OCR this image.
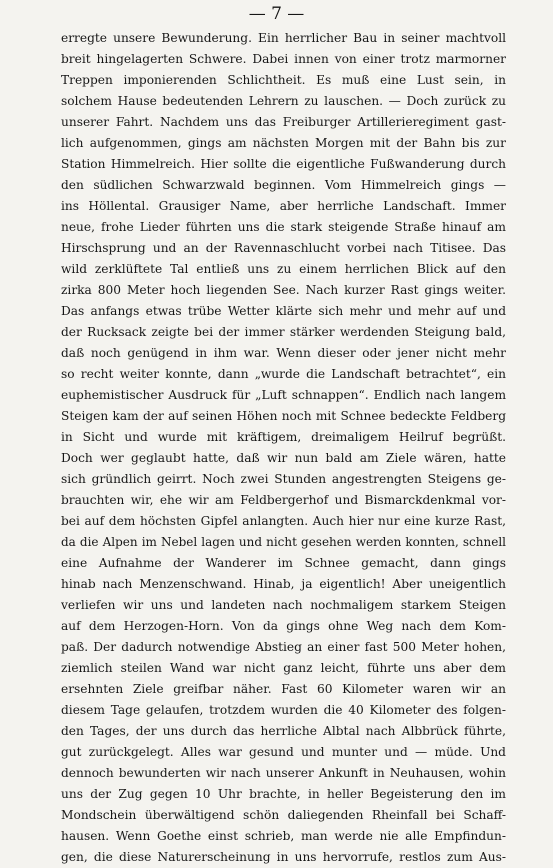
— 7 —
erregte unsere Bewunderung. Ein herrlicher Bau in seiner machtvoll
breit hingelagerten Schwere. Dabei innen von einer trotz marmorner
Treppen imponierenden Schlichtheit. Es muß eine Lust sein, in
solchem Hause bedeutenden Lehrern zu lauschen. — Doch zurück zu
unserer Fahrt. Nachdem uns das Freiburger Artillerieregiment gast-
lich aufgenommen, gings am nächsten Morgen mit der Bahn bis zur
Station Himmelreich. Hier sollte die eigentliche Fußwanderung durch
den südlichen Schwarzwald beginnen. Vom Himmelreich gings —
ins Höllental. Grausiger Name, aber herrliche Landschaft. Immer
neue, frohe Lieder führten uns die stark steigende Straße hinauf am
Hirschsprung und an der Ravennaschlucht vorbei nach Titisee. Das
wild zerklüftete Tal entließ uns zu einem herrlichen Blick auf den
zirka 800 Meter hoch liegenden See. Nach kurzer Rast gings weiter.
Das anfangs etwas trübe Wetter klärte sich mehr und mehr auf und
der Rucksack zeigte bei der immer stärker werdenden Steigung bald,
daß noch genügend in ihm war. Wenn dieser oder jener nicht mehr
so recht weiter konnte, dann „wurde die Landschaft betrachtet“, ein
euphemistischer Ausdruck für „Luft schnappen“. Endlich nach langem
Steigen kam der auf seinen Höhen noch mit Schnee bedeckte Feldberg
in Sicht und wurde mit kräftigem, dreimaligem Heilruf begrüßt.
Doch wer geglaubt hatte, daß wir nun bald am Ziele wären, hatte
sich gründlich geirrt. Noch zwei Stunden angestrengten Steigens ge-
brauchten wir, ehe wir am Feldbergerhof und Bismarckdenkmal vor-
bei auf dem höchsten Gipfel anlangten. Auch hier nur eine kurze Rast,
da die Alpen im Nebel lagen und nicht gesehen werden konnten, schnell
eine Aufnahme der Wanderer im Schnee gemacht, dann gings
hinab nach Menzenschwand. Hinab, ja eigentlich! Aber uneigentlich
verliefen wir uns und landeten nach nochmaligem starkem Steigen
auf dem Herzogen-Horn. Von da gings ohne Weg nach dem Kom-
paß. Der dadurch notwendige Abstieg an einer fast 500 Meter hohen,
ziemlich steilen Wand war nicht ganz leicht, führte uns aber dem
ersehnten Ziele greifbar näher. Fast 60 Kilometer waren wir an
diesem Tage gelaufen, trotzdem wurden die 40 Kilometer des folgen-
den Tages, der uns durch das herrliche Albtal nach Albbrück führte,
gut zurückgelegt. Alles war gesund und munter und — müde. Und
dennoch bewunderten wir nach unserer Ankunft in Neuhausen, wohin
uns der Zug gegen 10 Uhr brachte, in heller Begeisterung den im
Mondschein überwältigend schön daliegenden Rheinfall bei Schaff-
hausen. Wenn Goethe einst schrieb, man werde nie alle Empfindun-
gen, die diese Naturerscheinung in uns hervorrufe, restlos zum Aus-
